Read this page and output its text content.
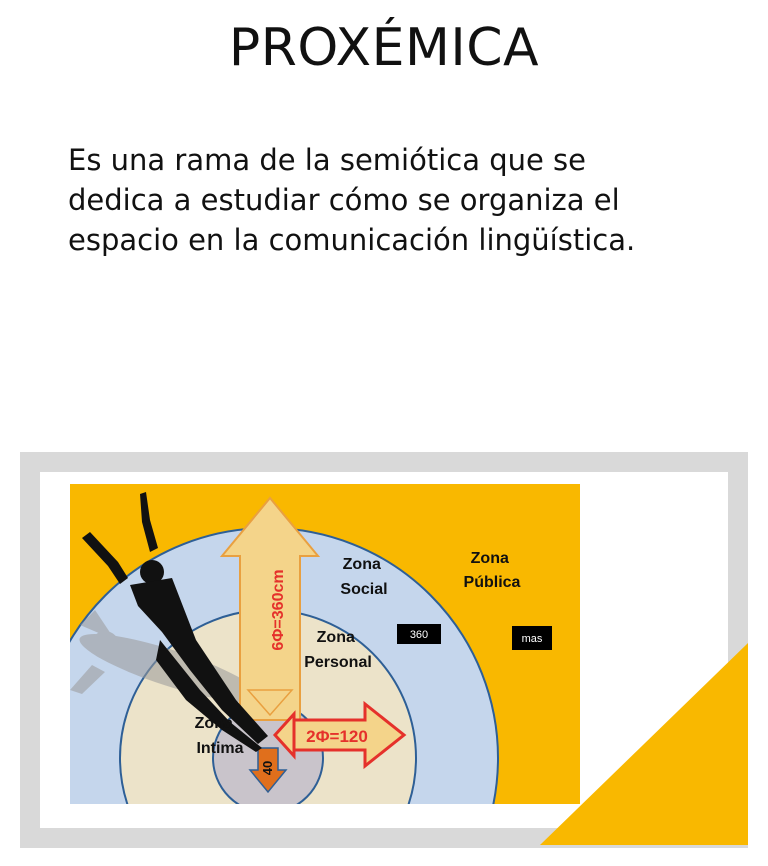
PROXÉMICA
Es una rama de la semiótica que se dedica a estudiar cómo se organiza el espacio en la comunicación lingüística.
Zona Social
Zona Pública
Zona Personal
Zona Intima
6Φ=360cm
2Φ=120
40
360	mas
